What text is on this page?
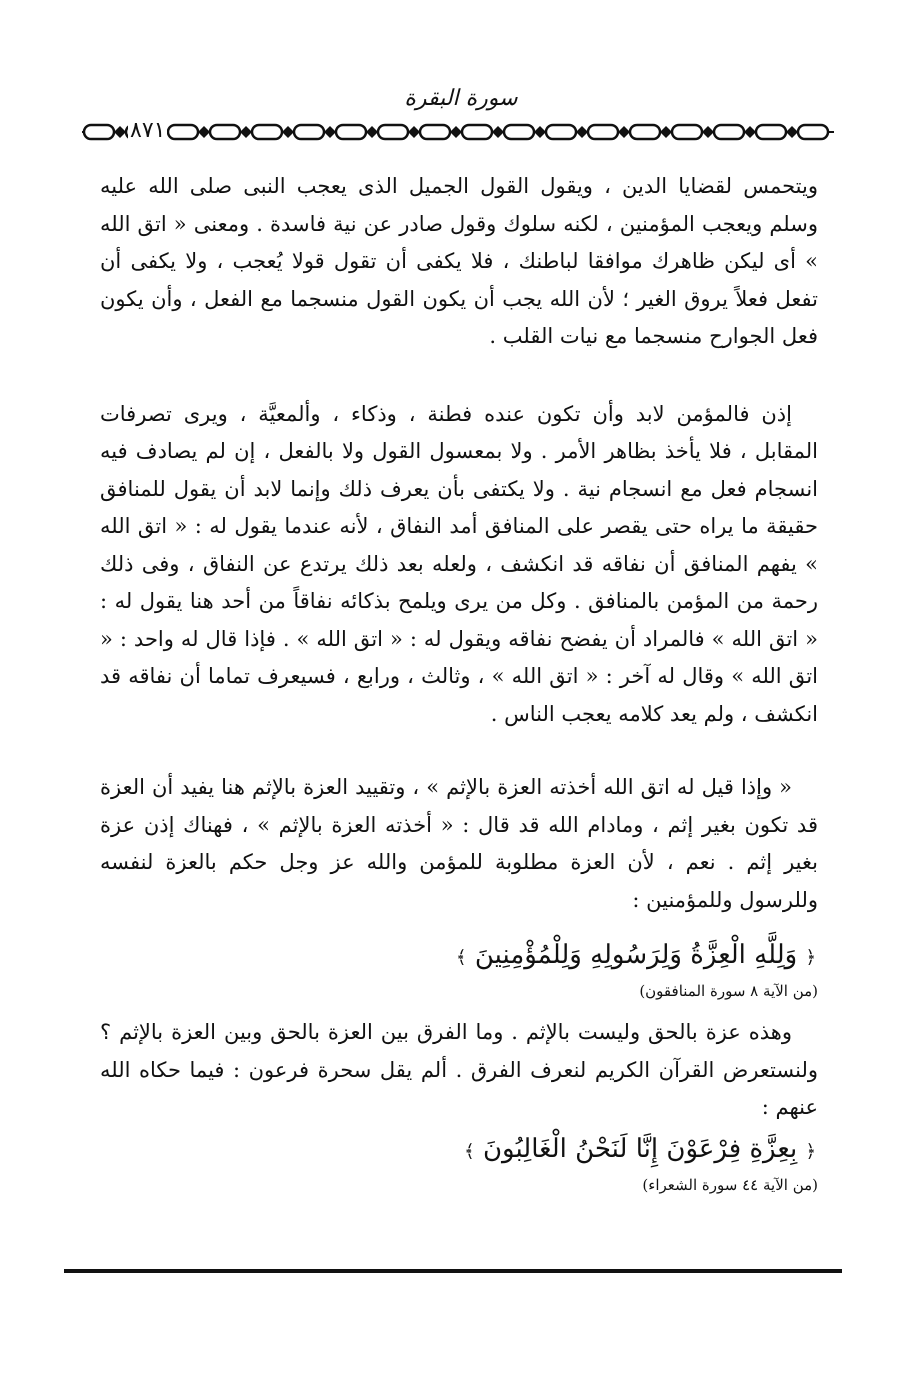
سورة البقرة
٨٧١

ويتحمس لقضايا الدين ، ويقول القول الجميل الذى يعجب النبى صلى الله عليه وسلم ويعجب المؤمنين ، لكنه سلوك وقول صادر عن نية فاسدة . ومعنى « اتق الله » أى ليكن ظاهرك موافقا لباطنك ، فلا يكفى أن تقول قولا يُعجب ، ولا يكفى أن تفعل فعلاً يروق الغير ؛ لأن الله يجب أن يكون القول منسجما مع الفعل ، وأن يكون فعل الجوارح منسجما مع نيات القلب .

إذن فالمؤمن لابد وأن تكون عنده فطنة ، وذكاء ، وألمعيَّة ، ويرى تصرفات المقابل ، فلا يأخذ بظاهر الأمر . ولا بمعسول القول ولا بالفعل ، إن لم يصادف فيه انسجام فعل مع انسجام نية . ولا يكتفى بأن يعرف ذلك وإنما لابد أن يقول للمنافق حقيقة ما يراه حتى يقصر على المنافق أمد النفاق ، لأنه عندما يقول له : « اتق الله » يفهم المنافق أن نفاقه قد انكشف ، ولعله بعد ذلك يرتدع عن النفاق ، وفى ذلك رحمة من المؤمن بالمنافق . وكل من يرى ويلمح بذكائه نفاقاً من أحد هنا يقول له : « اتق الله » فالمراد أن يفضح نفاقه ويقول له : « اتق الله » . فإذا قال له واحد : « اتق الله » وقال له آخر : « اتق الله » ، وثالث ، ورابع ، فسيعرف تماما أن نفاقه قد انكشف ، ولم يعد كلامه يعجب الناس .

« وإذا قيل له اتق الله أخذته العزة بالإثم » ، وتقييد العزة بالإثم هنا يفيد أن العزة قد تكون بغير إثم ، ومادام الله قد قال : « أخذته العزة بالإثم » ، فهناك إذن عزة بغير إثم . نعم ، لأن العزة مطلوبة للمؤمن والله عز وجل حكم بالعزة لنفسه وللرسول وللمؤمنين :

﴿ وَلِلَّهِ الْعِزَّةُ وَلِرَسُولِهِ وَلِلْمُؤْمِنِينَ ﴾
(من الآية ٨ سورة المنافقون)

وهذه عزة بالحق وليست بالإثم . وما الفرق بين العزة بالحق وبين العزة بالإثم ؟ ولنستعرض القرآن الكريم لنعرف الفرق . ألم يقل سحرة فرعون : فيما حكاه الله عنهم :

﴿ بِعِزَّةِ فِرْعَوْنَ إِنَّا لَنَحْنُ الْغَالِبُونَ ﴾
(من الآية ٤٤ سورة الشعراء)
